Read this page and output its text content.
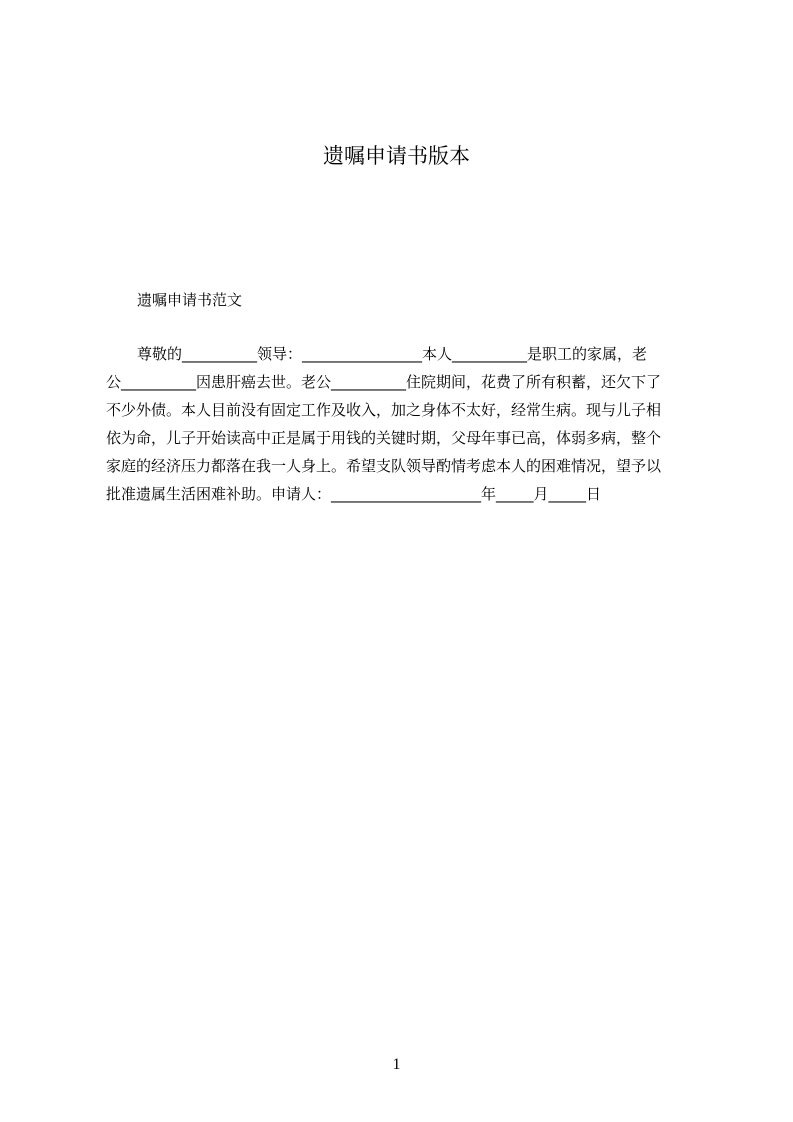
遗嘱申请书版本

遗嘱申请书范文

尊敬的__________领导：________________本人__________是职工的家属，老

公__________因患肝癌去世。老公__________住院期间，花费了所有积蓄，还欠下了

不少外债。本人目前没有固定工作及收入，加之身体不太好，经常生病。现与儿子相

依为命，儿子开始读高中正是属于用钱的关键时期，父母年事已高，体弱多病，整个

家庭的经济压力都落在我一人身上。希望支队领导酌情考虑本人的困难情况，望予以

批准遗属生活困难补助。申请人：____________________年_____月_____日

1
